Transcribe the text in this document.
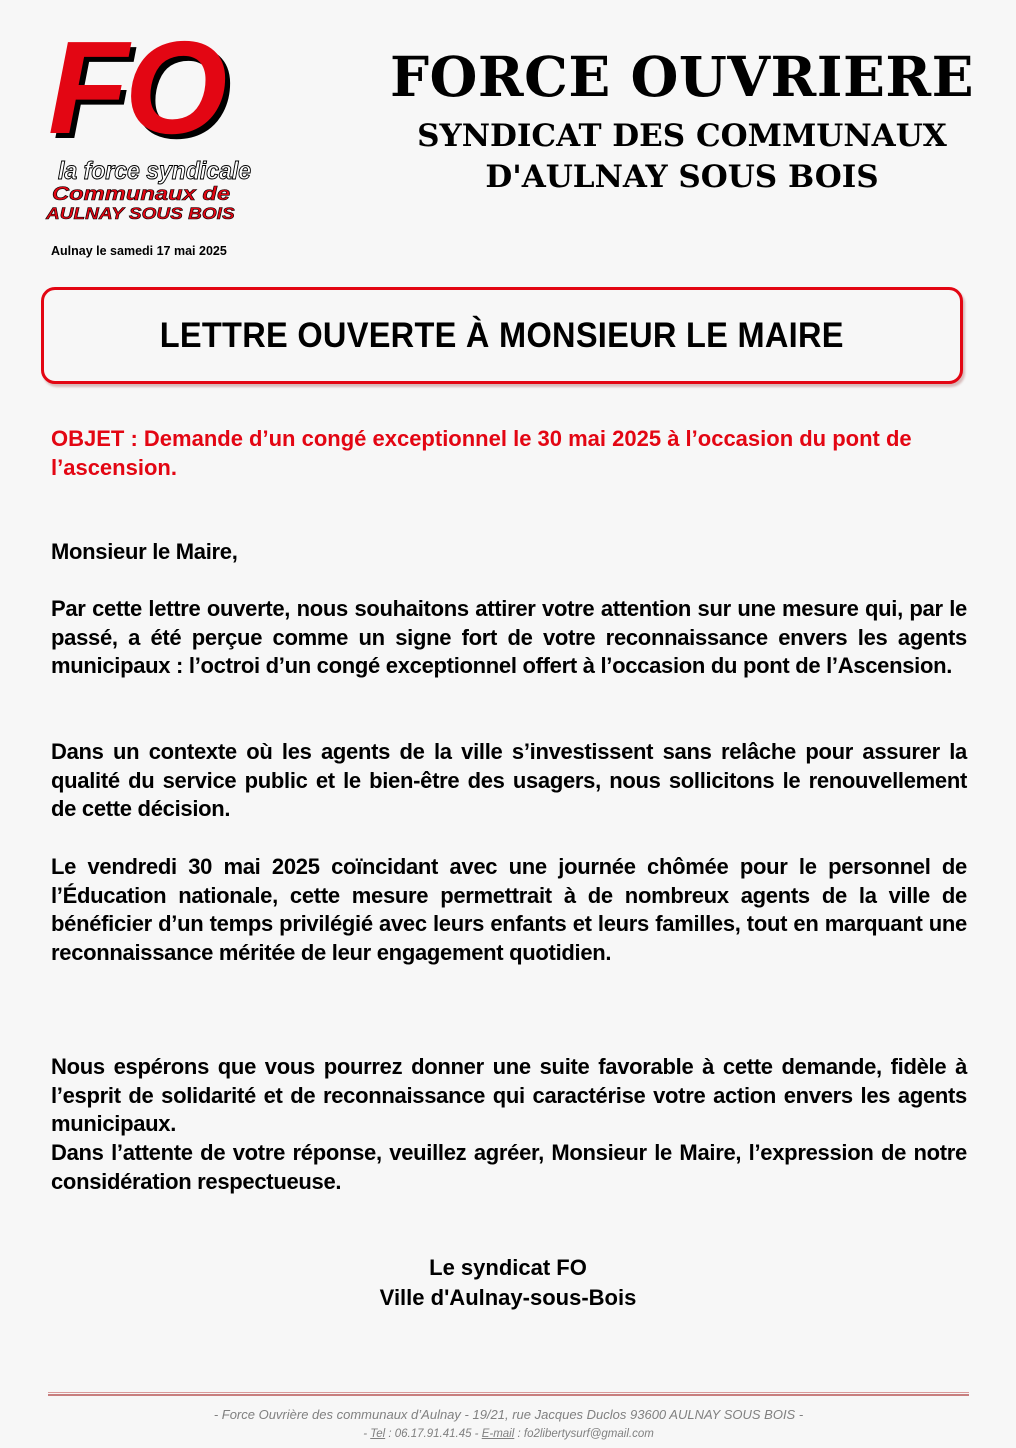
FO
la force syndicale
Communaux de
AULNAY SOUS BOIS
Aulnay le samedi 17 mai 2025
FORCE OUVRIERE
SYNDICAT DES COMMUNAUX
D'AULNAY SOUS BOIS
LETTRE OUVERTE À MONSIEUR LE MAIRE
OBJET : Demande d’un congé exceptionnel le 30 mai 2025 à l’occasion du pont de l’ascension.
Monsieur le Maire,
Par cette lettre ouverte, nous souhaitons attirer votre attention sur une mesure qui, par le passé, a été perçue comme un signe fort de votre reconnaissance envers les agents municipaux : l’octroi d’un congé exceptionnel offert à l’occasion du pont de l’Ascension.
Dans un contexte où les agents de la ville s’investissent sans relâche pour assurer la qualité du service public et le bien-être des usagers, nous sollicitons le renouvellement de cette décision.
Le vendredi 30 mai 2025 coïncidant avec une journée chômée pour le personnel de l’Éducation nationale, cette mesure permettrait à de nombreux agents de la ville de bénéficier d’un temps privilégié avec leurs enfants et leurs familles, tout en marquant une reconnaissance méritée de leur engagement quotidien.
Nous espérons que vous pourrez donner une suite favorable à cette demande, fidèle à l’esprit de solidarité et de reconnaissance qui caractérise votre action envers les agents municipaux.
Dans l’attente de votre réponse, veuillez agréer, Monsieur le Maire, l’expression de notre considération respectueuse.
Le syndicat FO
Ville d'Aulnay-sous-Bois
- Force Ouvrière des communaux d’Aulnay - 19/21, rue Jacques Duclos 93600 AULNAY SOUS BOIS -
- Tel : 06.17.91.41.45 - E-mail : fo2libertysurf@gmail.com
